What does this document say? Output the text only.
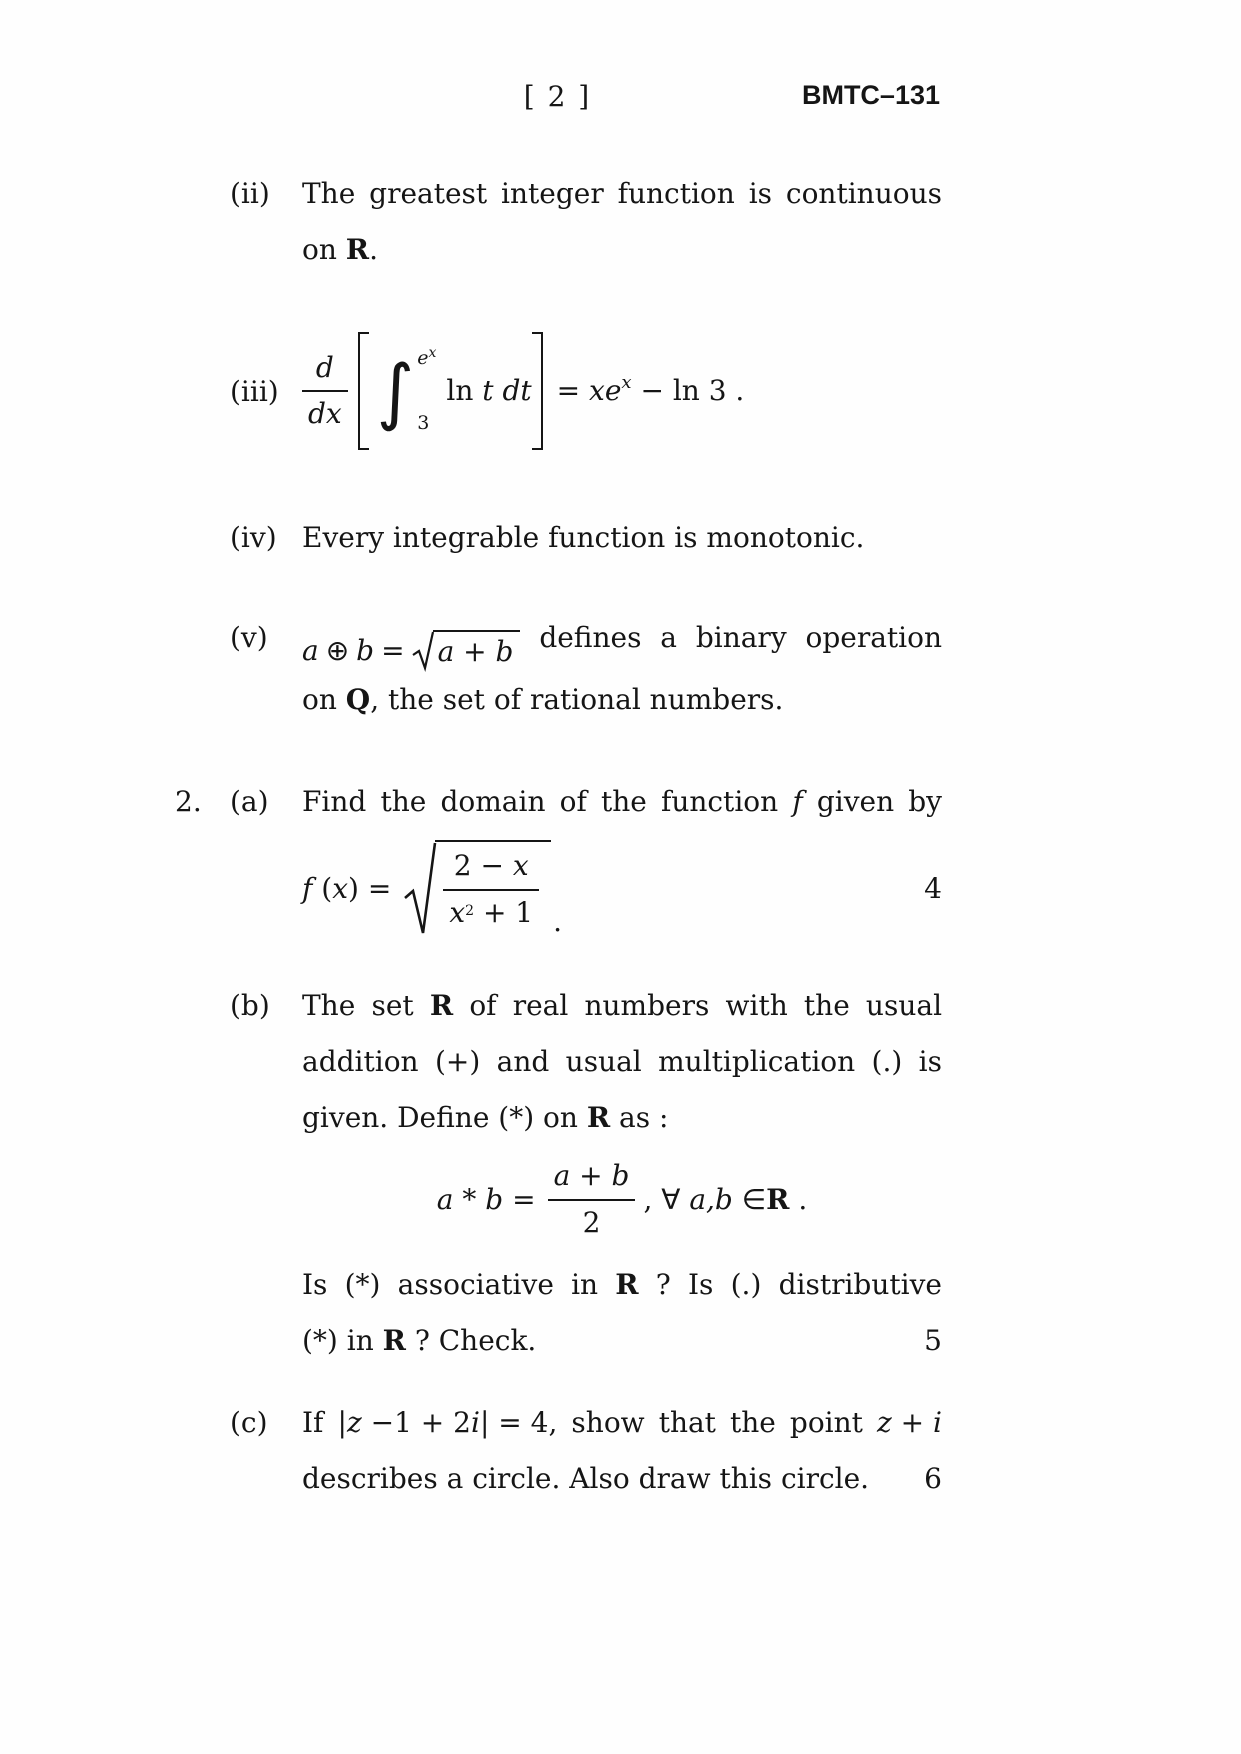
[ 2 ]	BMTC–131
(ii)	The greatest integer function is continuous
on R.
$(iii) \frac{d}{dx}$ ∫ $e^x$
3
ln t dt = $xe^x - \ln 3$ .
(iv) Every integrable function is monotonic.
(v)	a ⊕ b = a + b defines a binary operation
on Q, the set of rational numbers.
2.	(a)	Find the domain of the function f given by
f $(x) = \frac{2 - x}{x^2 + 1}$ .
4
(b)	The set R of real numbers with the usual
addition (+) and usual multiplication (.) is
given. Define (*) on R as :
$a * b = \frac{a + b}{2}$ , ∀ a,b ∈R .
Is (*) associative in R ? Is (.) distributive
(*) in R ? Check.	5
(c)	If |z −1 + 2i| = 4, show that the point z + i
describes a circle. Also draw this circle. 6
